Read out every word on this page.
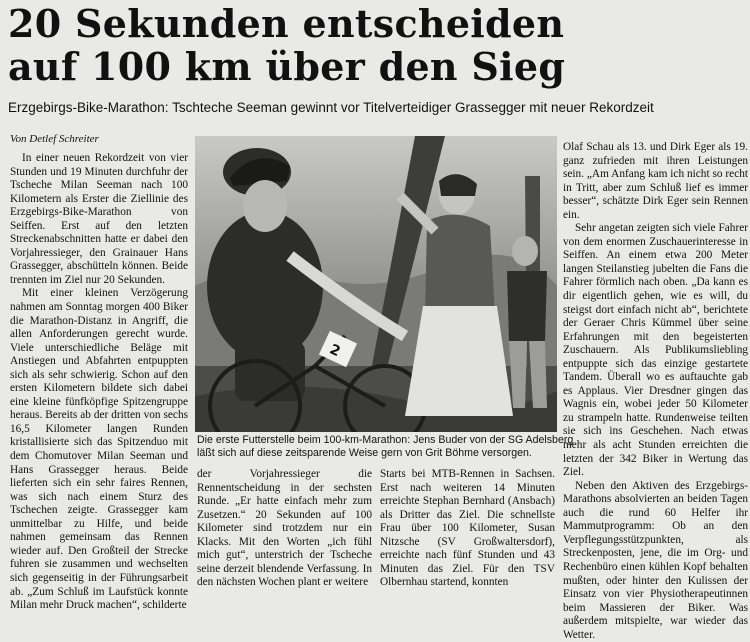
20 Sekunden entscheiden
auf 100 km über den Sieg
Erzgebirgs-Bike-Marathon: Tschteche Seeman gewinnt vor Titelverteidiger Grassegger mit neuer Rekordzeit
Von Detlef Schreiter

In einer neuen Rekordzeit von vier Stunden und 19 Minuten durchfuhr der Tscheche Milan Seeman nach 100 Kilometern als Erster die Ziellinie des Erzgebirgs-Bike-Marathon von Seiffen. Erst auf den letzten Streckenabschnitten hatte er dabei den Vorjahressieger, den Grainauer Hans Grassegger, abschütteln können. Beide trennten im Ziel nur 20 Sekunden.

Mit einer kleinen Verzögerung nahmen am Sonntag morgen 400 Biker die Marathon-Distanz in Angriff, die allen Anforderungen gerecht wurde. Viele unterschiedliche Beläge mit Anstiegen und Abfahrten entpuppten sich als sehr schwierig. Schon auf den ersten Kilometern bildete sich dabei eine kleine fünfköpfige Spitzengruppe heraus. Bereits ab der dritten von sechs 16,5 Kilometer langen Runden kristallisierte sich das Spitzenduo mit dem Chomutover Milan Seeman und Hans Grassegger heraus. Beide lieferten sich ein sehr faires Rennen, was sich nach einem Sturz des Tschechen zeigte. Grassegger kam unmittelbar zu Hilfe, und beide nahmen gemeinsam das Rennen wieder auf. Den Großteil der Strecke fuhren sie zusammen und wechselten sich gegenseitig in der Führungsarbeit ab. „Zum Schluß im Laufstück konnte Milan mehr Druck machen“, schilderte

2
Die erste Futterstelle beim 100-km-Marathon: Jens Buder von der SG Adelsberg
läßt sich auf diese zeitsparende Weise gern von Grit Böhme versorgen.

der Vorjahressieger die Rennentscheidung in der sechsten Runde. „Er hatte einfach mehr zum Zusetzen.“ 20 Sekunden auf 100 Kilometer sind trotzdem nur ein Klacks. Mit den Worten „ich fühl mich gut“, unterstrich der Tscheche seine derzeit blendende Verfassung. In den nächsten Wochen plant er weitere

Starts bei MTB-Rennen in Sachsen. Erst nach weiteren 14 Minuten erreichte Stephan Bernhard (Ansbach) als Dritter das Ziel. Die schnellste Frau über 100 Kilometer, Susan Nitzsche (SV Großwaltersdorf), erreichte nach fünf Stunden und 43 Minuten das Ziel. Für den TSV Olbernhau startend, konnten

Olaf Schau als 13. und Dirk Eger als 19. ganz zufrieden mit ihren Leistungen sein. „Am Anfang kam ich nicht so recht in Tritt, aber zum Schluß lief es immer besser“, schätzte Dirk Eger sein Rennen ein.

Sehr angetan zeigten sich viele Fahrer von dem enormen Zuschauerinteresse in Seiffen. An einem etwa 200 Meter langen Steilanstieg jubelten die Fans die Fahrer förmlich nach oben. „Da kann es dir eigentlich gehen, wie es will, du steigst dort einfach nicht ab“, berichtete der Geraer Chris Kümmel über seine Erfahrungen mit den begeisterten Zuschauern. Als Publikumsliebling entpuppte sich das einzige gestartete Tandem. Überall wo es auftauchte gab es Applaus. Vier Dresdner gingen das Wagnis ein, wobei jeder 50 Kilometer zu strampeln hatte. Rundenweise teilten sie sich ins Geschehen. Nach etwas mehr als acht Stunden erreichten die letzten der 342 Biker in Wertung das Ziel.

Neben den Aktiven des Erzgebirgs-Marathons absolvierten an beiden Tagen auch die rund 60 Helfer ihr Mammutprogramm: Ob an den Verpflegungsstützpunkten, als Streckenposten, jene, die im Org- und Rechenbüro einen kühlen Kopf behalten mußten, oder hinter den Kulissen der Einsatz von vier Physiotherapeutinnen beim Massieren der Biker. Was außerdem mitspielte, war wieder das Wetter.
